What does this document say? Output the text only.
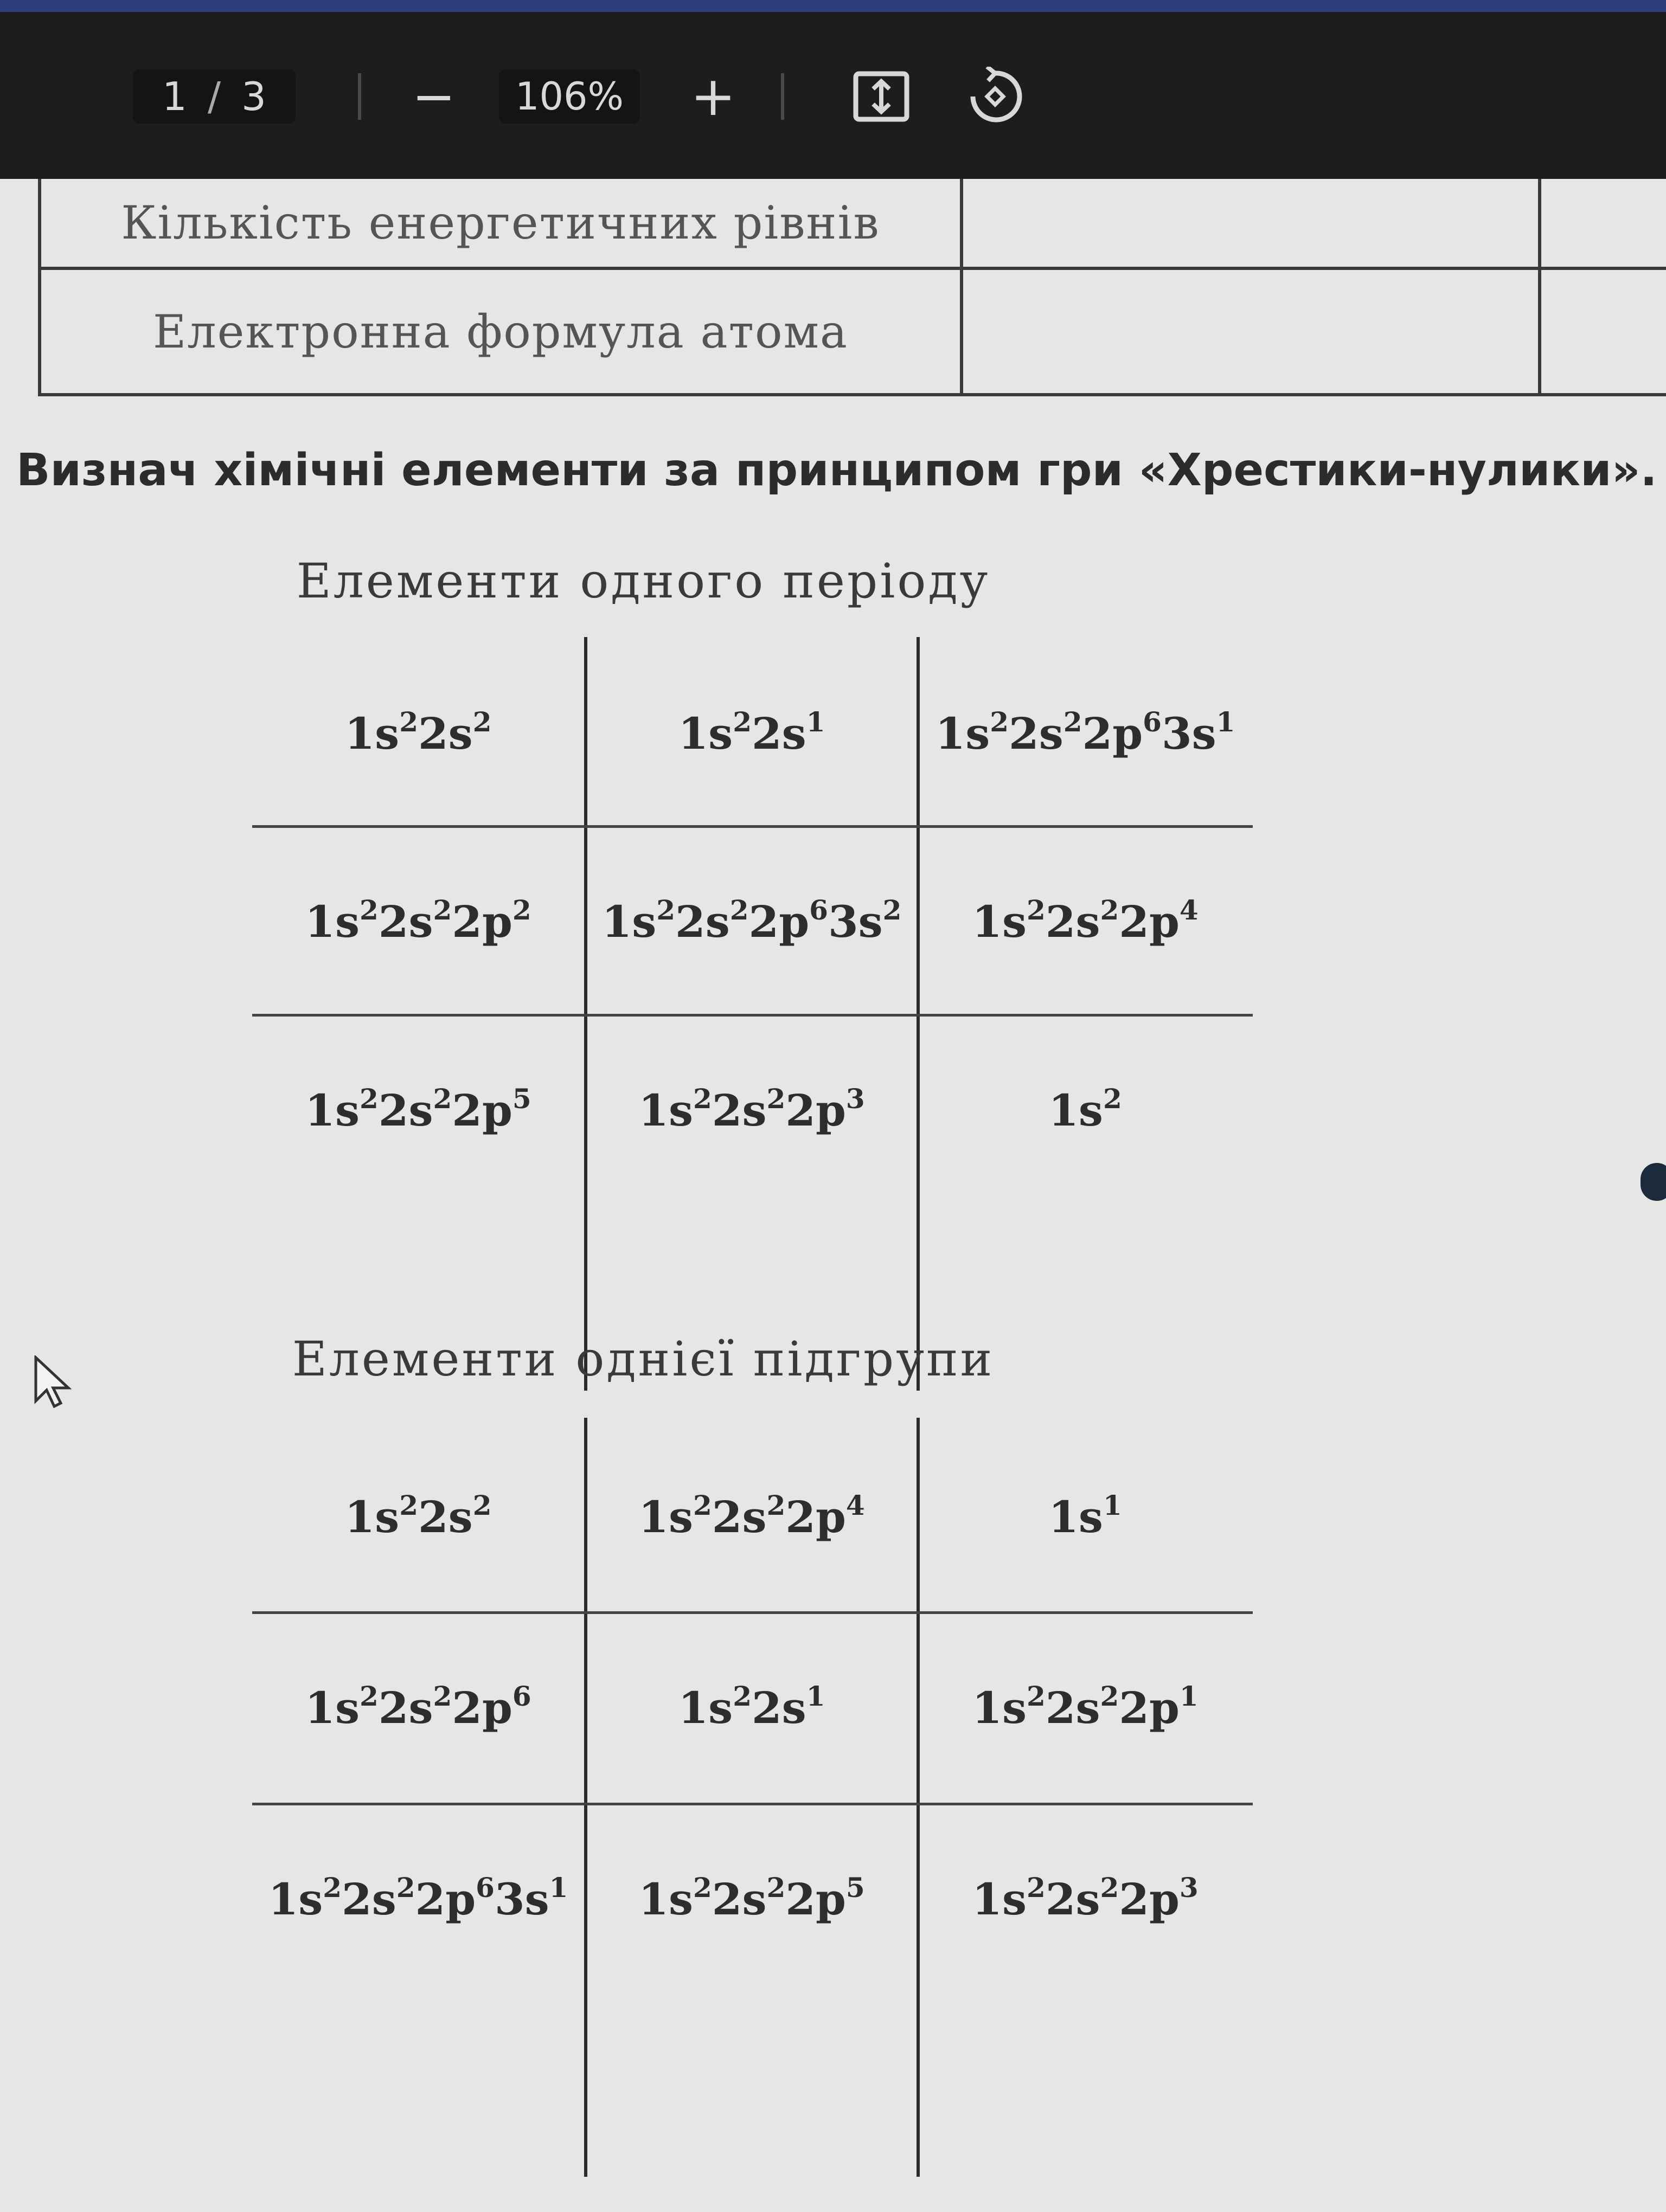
1 / 3	−	106% +
Кількість енергетичних рівнів		
Електронна формула атома		
Визнач хімічні елементи за принципом гри «Хрестики-нулики».
Елементи одного періоду
$1s^22s^2$	$1s^22s^1$	$1s^22s^22p^63s^1$
$1s^22s^22p^2$ $1s^22s^22p^63s^2$ $1s^22s^22p^4$
$1s^22s^22p^5$ $1s^22s^22p^3$	$1s^2$
Елементи однієї підгрупи
$1s^22s^2$	$1s^22s^22p^4$	$1s^1$
$1s^22s^22p^6$	$1s^22s^1$	$1s^22s^22p^1$
$1s^22s^22p^63s^1$ $1s^22s^22p^5$ $1s^22s^22p^3$
